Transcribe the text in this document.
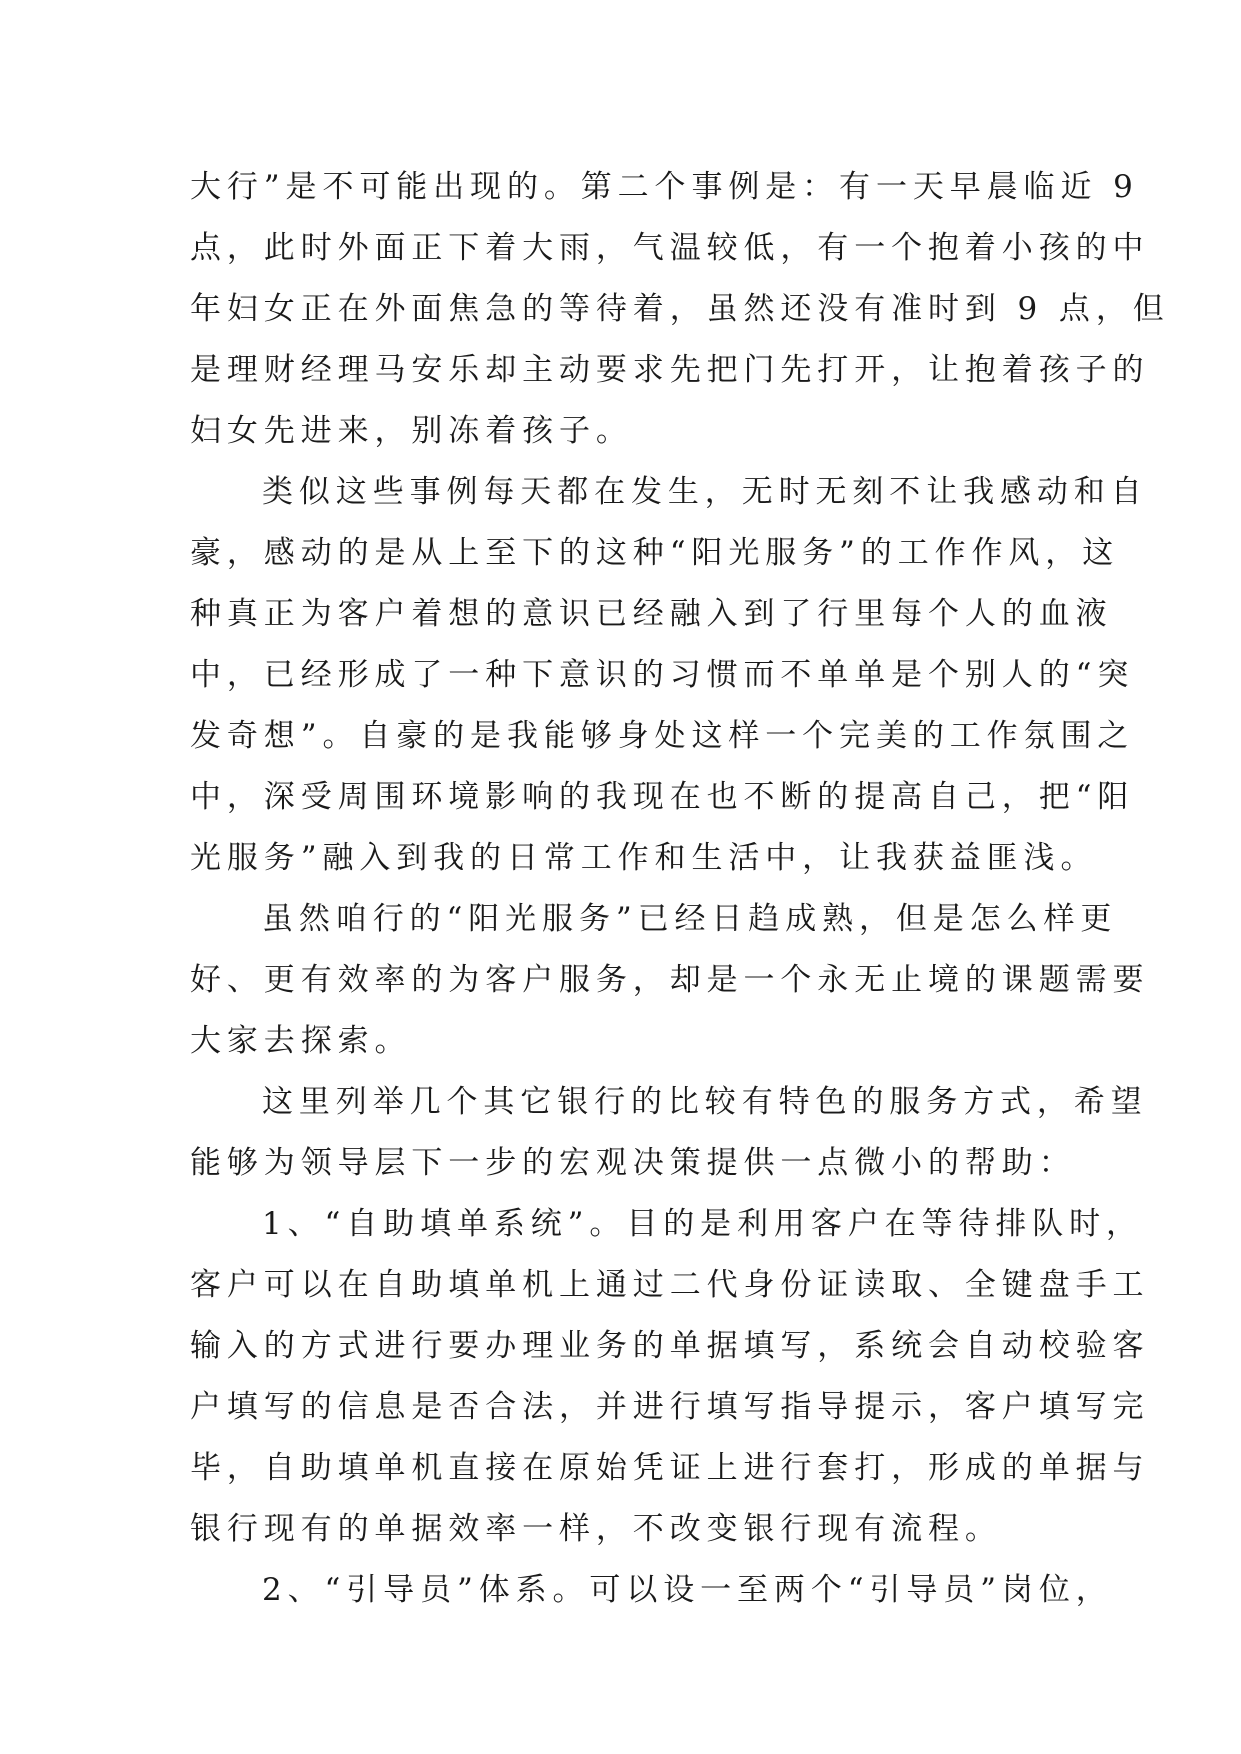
大行”是不可能出现的。第二个事例是：有一天早晨临近 9
点，此时外面正下着大雨，气温较低，有一个抱着小孩的中
年妇女正在外面焦急的等待着，虽然还没有准时到 9 点，但
是理财经理马安乐却主动要求先把门先打开，让抱着孩子的
妇女先进来，别冻着孩子。
类似这些事例每天都在发生，无时无刻不让我感动和自
豪，感动的是从上至下的这种“阳光服务”的工作作风，这
种真正为客户着想的意识已经融入到了行里每个人的血液
中，已经形成了一种下意识的习惯而不单单是个别人的“突
发奇想”。自豪的是我能够身处这样一个完美的工作氛围之
中，深受周围环境影响的我现在也不断的提高自己，把“阳
光服务”融入到我的日常工作和生活中，让我获益匪浅。
虽然咱行的“阳光服务”已经日趋成熟，但是怎么样更
好、更有效率的为客户服务，却是一个永无止境的课题需要
大家去探索。
这里列举几个其它银行的比较有特色的服务方式，希望
能够为领导层下一步的宏观决策提供一点微小的帮助：
1、“自助填单系统”。目的是利用客户在等待排队时，
客户可以在自助填单机上通过二代身份证读取、全键盘手工
输入的方式进行要办理业务的单据填写，系统会自动校验客
户填写的信息是否合法，并进行填写指导提示，客户填写完
毕，自助填单机直接在原始凭证上进行套打，形成的单据与
银行现有的单据效率一样，不改变银行现有流程。
2、“引导员”体系。可以设一至两个“引导员”岗位，
